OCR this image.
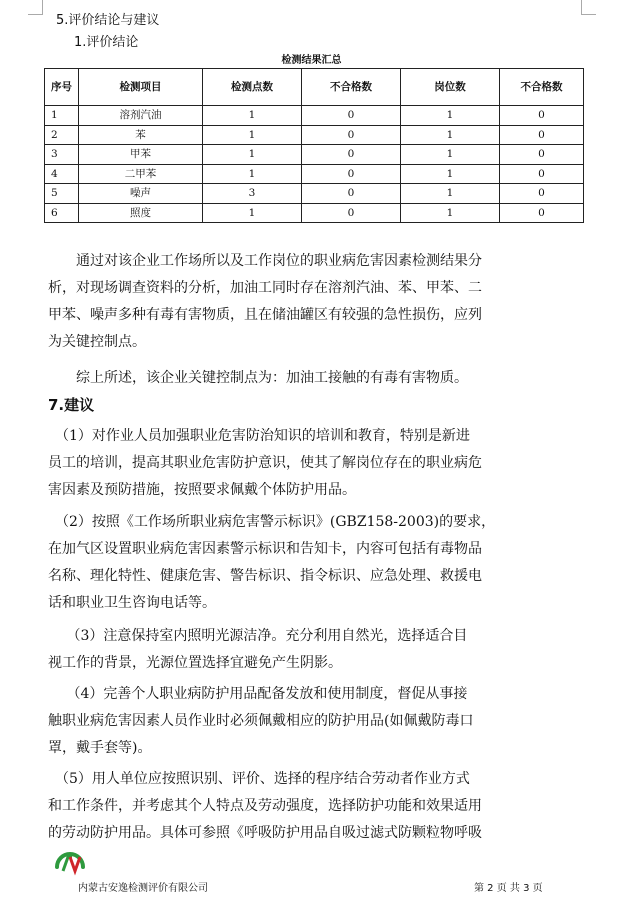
5.评价结论与建议
1.评价结论
检测结果汇总
序号	检测项目	检测点数	不合格数	岗位数	不合格数
1	溶剂汽油	1	0	1	0
2	苯	1	0	1	0
3	甲苯	1	0	1	0
4	二甲苯	1	0	1	0
5	噪声	3	0	1	0
6	照度	1	0	1	0
　　通过对该企业工作场所以及工作岗位的职业病危害因素检测结果分
析，对现场调查资料的分析，加油工同时存在溶剂汽油、苯、甲苯、二
甲苯、噪声多种有毒有害物质，且在储油罐区有较强的急性损伤，应列
为关键控制点。
　　综上所述，该企业关键控制点为：加油工接触的有毒有害物质。
7.建议
　（1）对作业人员加强职业危害防治知识的培训和教育，特别是新进
员工的培训，提高其职业危害防护意识，使其了解岗位存在的职业病危
害因素及预防措施，按照要求佩戴个体防护用品。
　（2）按照《工作场所职业病危害警示标识》(GBZ158-2003)的要求，
在加气区设置职业病危害因素警示标识和告知卡，内容可包括有毒物品
名称、理化特性、健康危害、警告标识、指令标识、应急处理、救援电
话和职业卫生咨询电话等。
　 （3）注意保持室内照明光源洁净。充分利用自然光，选择适合目
视工作的背景，光源位置选择宜避免产生阴影。
　 （4）完善个人职业病防护用品配备发放和使用制度，督促从事接
触职业病危害因素人员作业时必须佩戴相应的防护用品(如佩戴防毒口
罩，戴手套等)。
　（5）用人单位应按照识别、评价、选择的程序结合劳动者作业方式
和工作条件，并考虑其个人特点及劳动强度，选择防护功能和效果适用
的劳动防护用品。具体可参照《呼吸防护用品自吸过滤式防颗粒物呼吸
内蒙古安逸检测评价有限公司	第 2 页 共 3 页
